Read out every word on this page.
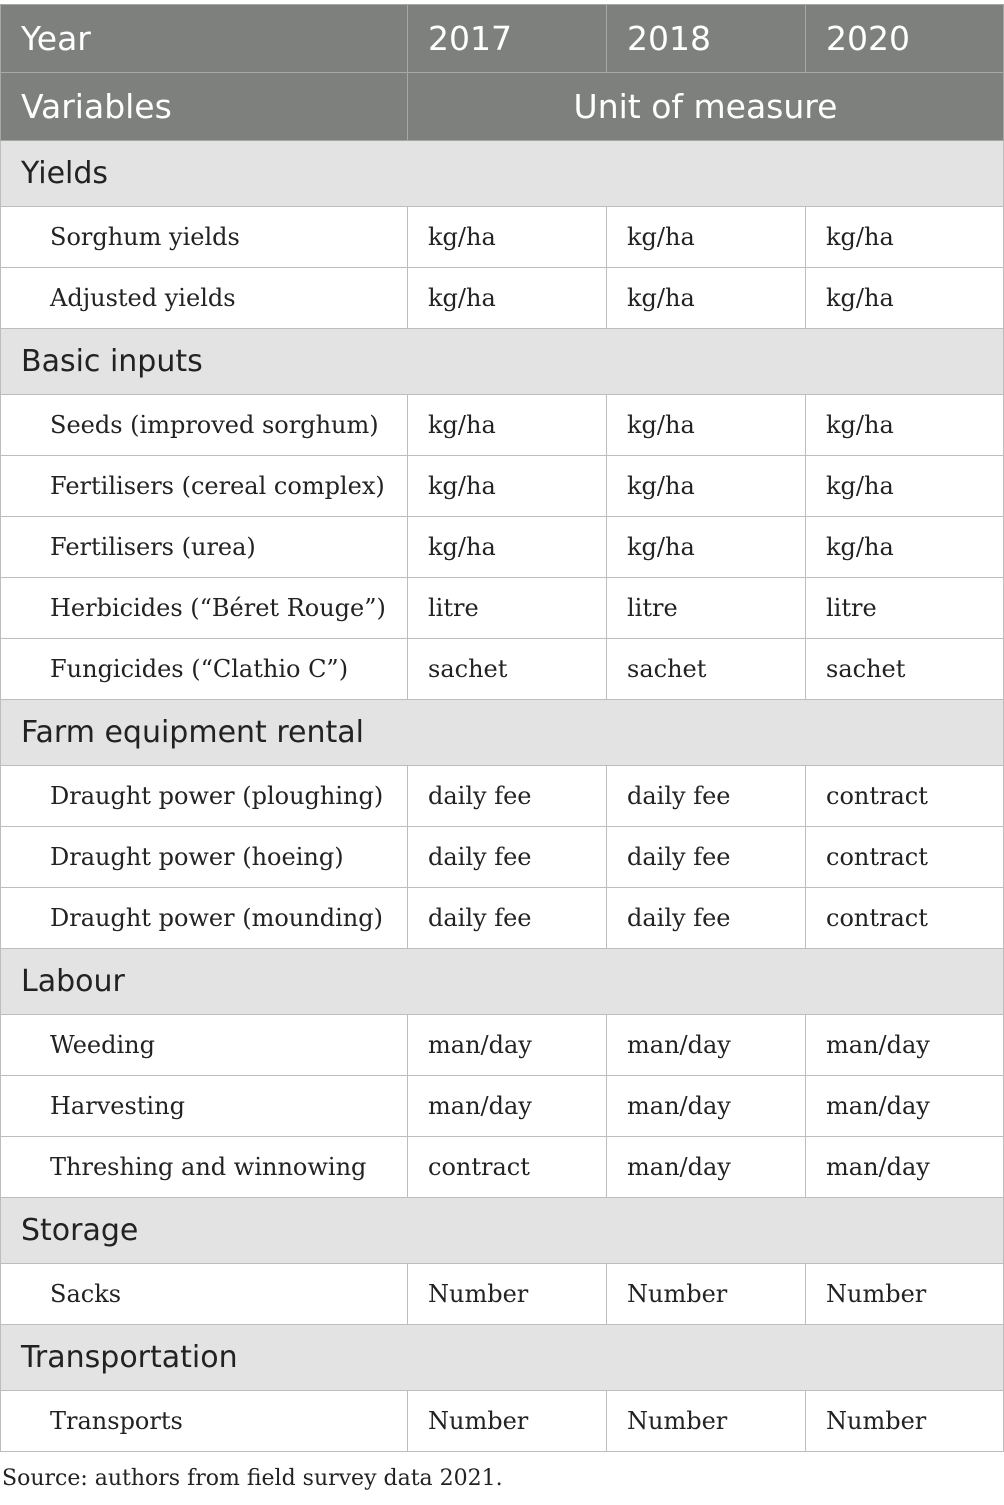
Year	2017	2018	2020
Variables	Unit of measure		
Yields			
Sorghum yields	kg/ha	kg/ha	kg/ha
Adjusted yields	kg/ha	kg/ha	kg/ha
Basic inputs			
Seeds (improved sorghum)	kg/ha	kg/ha	kg/ha
Fertilisers (cereal complex)	kg/ha	kg/ha	kg/ha
Fertilisers (urea)	kg/ha	kg/ha	kg/ha
Herbicides (“Béret Rouge”)	litre	litre	litre
Fungicides (“Clathio C”)	sachet	sachet	sachet
Farm equipment rental			
Draught power (ploughing)	daily fee	daily fee	contract
Draught power (hoeing)	daily fee	daily fee	contract
Draught power (mounding)	daily fee	daily fee	contract
Labour			
Weeding	man/day	man/day	man/day
Harvesting	man/day	man/day	man/day
Threshing and winnowing	contract	man/day	man/day
Storage			
Sacks	Number	Number	Number
Transportation			
Transports	Number	Number	Number
Source: authors from field survey data 2021.
